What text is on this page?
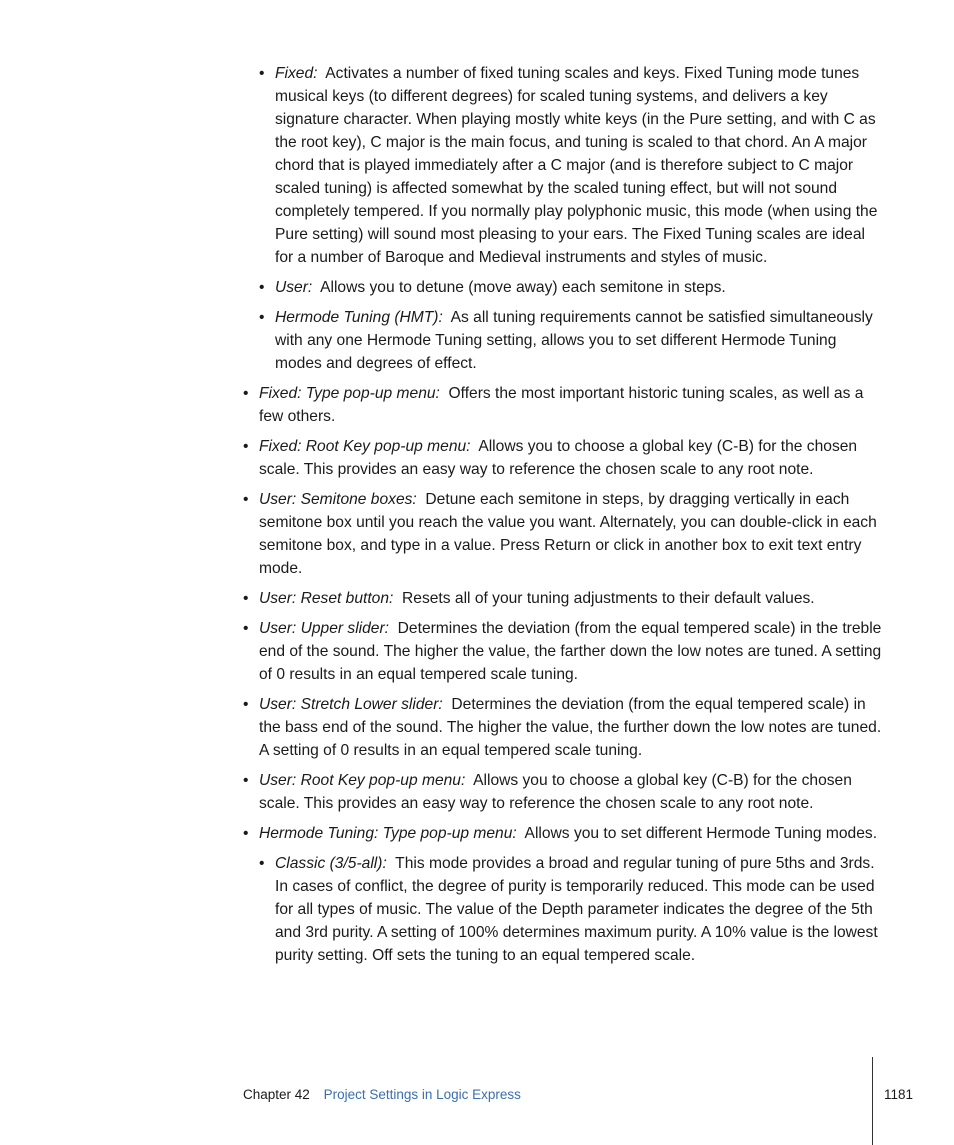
• Fixed: Activates a number of fixed tuning scales and keys. Fixed Tuning mode tunes musical keys (to different degrees) for scaled tuning systems, and delivers a key signature character. When playing mostly white keys (in the Pure setting, and with C as the root key), C major is the main focus, and tuning is scaled to that chord. An A major chord that is played immediately after a C major (and is therefore subject to C major scaled tuning) is affected somewhat by the scaled tuning effect, but will not sound completely tempered. If you normally play polyphonic music, this mode (when using the Pure setting) will sound most pleasing to your ears. The Fixed Tuning scales are ideal for a number of Baroque and Medieval instruments and styles of music.
• User: Allows you to detune (move away) each semitone in steps.
• Hermode Tuning (HMT): As all tuning requirements cannot be satisfied simultaneously with any one Hermode Tuning setting, allows you to set different Hermode Tuning modes and degrees of effect.
• Fixed: Type pop-up menu: Offers the most important historic tuning scales, as well as a few others.
• Fixed: Root Key pop-up menu: Allows you to choose a global key (C-B) for the chosen scale. This provides an easy way to reference the chosen scale to any root note.
• User: Semitone boxes: Detune each semitone in steps, by dragging vertically in each semitone box until you reach the value you want. Alternately, you can double-click in each semitone box, and type in a value. Press Return or click in another box to exit text entry mode.
• User: Reset button: Resets all of your tuning adjustments to their default values.
• User: Upper slider: Determines the deviation (from the equal tempered scale) in the treble end of the sound. The higher the value, the farther down the low notes are tuned. A setting of 0 results in an equal tempered scale tuning.
• User: Stretch Lower slider: Determines the deviation (from the equal tempered scale) in the bass end of the sound. The higher the value, the further down the low notes are tuned. A setting of 0 results in an equal tempered scale tuning.
• User: Root Key pop-up menu: Allows you to choose a global key (C-B) for the chosen scale. This provides an easy way to reference the chosen scale to any root note.
• Hermode Tuning: Type pop-up menu: Allows you to set different Hermode Tuning modes.
• Classic (3/5-all): This mode provides a broad and regular tuning of pure 5ths and 3rds. In cases of conflict, the degree of purity is temporarily reduced. This mode can be used for all types of music. The value of the Depth parameter indicates the degree of the 5th and 3rd purity. A setting of 100% determines maximum purity. A 10% value is the lowest purity setting. Off sets the tuning to an equal tempered scale.
Chapter 42 Project Settings in Logic Express	1181
